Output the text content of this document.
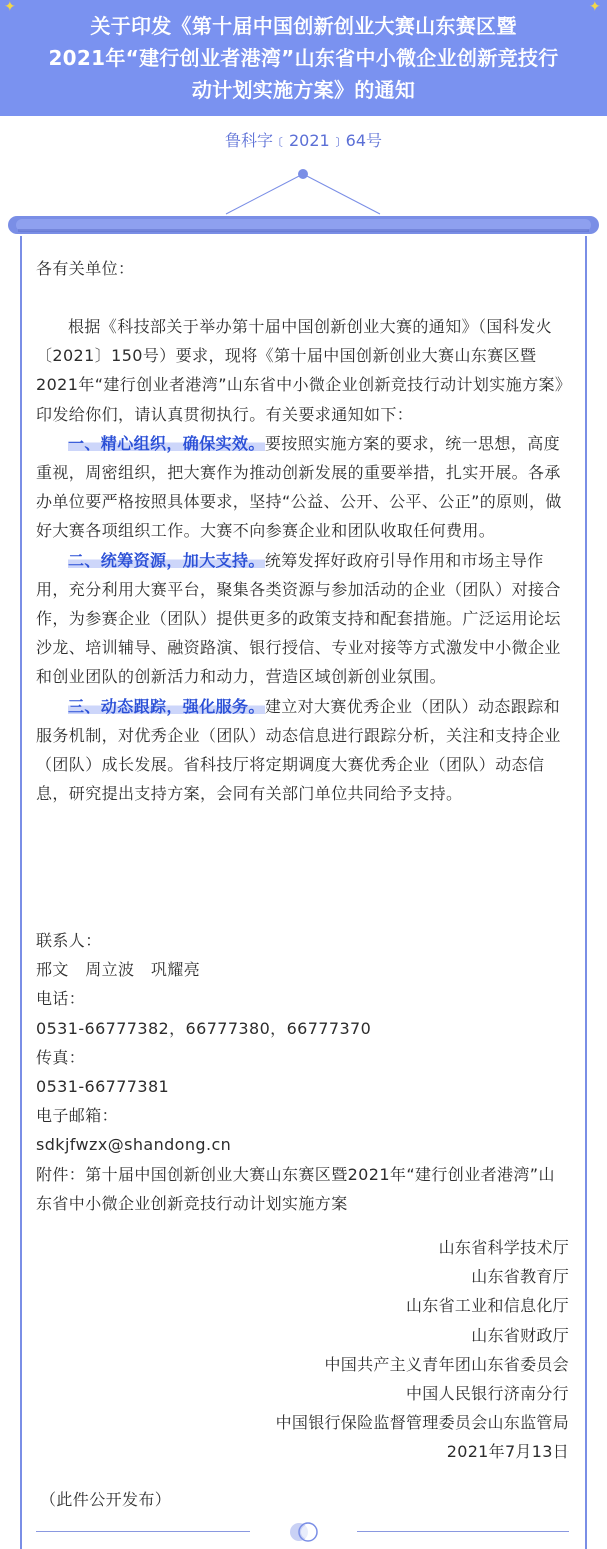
✦	✦
关于印发《第十届中国创新创业大赛山东赛区暨
2021年“建行创业者港湾”山东省中小微企业创新竞技行
动计划实施方案》的通知
鲁科字﹝2021﹞64号
各有关单位：

根据《科技部关于举办第十届中国创新创业大赛的通知》（国科发火〔2021〕150号）要求，现将《第十届中国创新创业大赛山东赛区暨2021年“建行创业者港湾”山东省中小微企业创新竞技行动计划实施方案》印发给你们，请认真贯彻执行。有关要求通知如下：

一、精心组织，确保实效。要按照实施方案的要求，统一思想，高度重视，周密组织，把大赛作为推动创新发展的重要举措，扎实开展。各承办单位要严格按照具体要求，坚持“公益、公开、公平、公正”的原则，做好大赛各项组织工作。大赛不向参赛企业和团队收取任何费用。

二、统筹资源，加大支持。统筹发挥好政府引导作用和市场主导作用，充分利用大赛平台，聚集各类资源与参加活动的企业（团队）对接合作，为参赛企业（团队）提供更多的政策支持和配套措施。广泛运用论坛沙龙、培训辅导、融资路演、银行授信、专业对接等方式激发中小微企业和创业团队的创新活力和动力，营造区域创新创业氛围。

三、动态跟踪，强化服务。建立对大赛优秀企业（团队）动态跟踪和服务机制，对优秀企业（团队）动态信息进行跟踪分析，关注和支持企业（团队）成长发展。省科技厅将定期调度大赛优秀企业（团队）动态信息，研究提出支持方案，会同有关部门单位共同给予支持。

联系人：
邢文   周立波   巩耀亮
电话：
0531-66777382，66777380，66777370
传真：
0531-66777381
电子邮箱：
sdkjfwzx@shandong.cn
附件：第十届中国创新创业大赛山东赛区暨2021年“建行创业者港湾”山东省中小微企业创新竞技行动计划实施方案
山东省科学技术厅
山东省教育厅
山东省工业和信息化厅
山东省财政厅
中国共产主义青年团山东省委员会
中国人民银行济南分行
中国银行保险监督管理委员会山东监管局
2021年7月13日
（此件公开发布）
